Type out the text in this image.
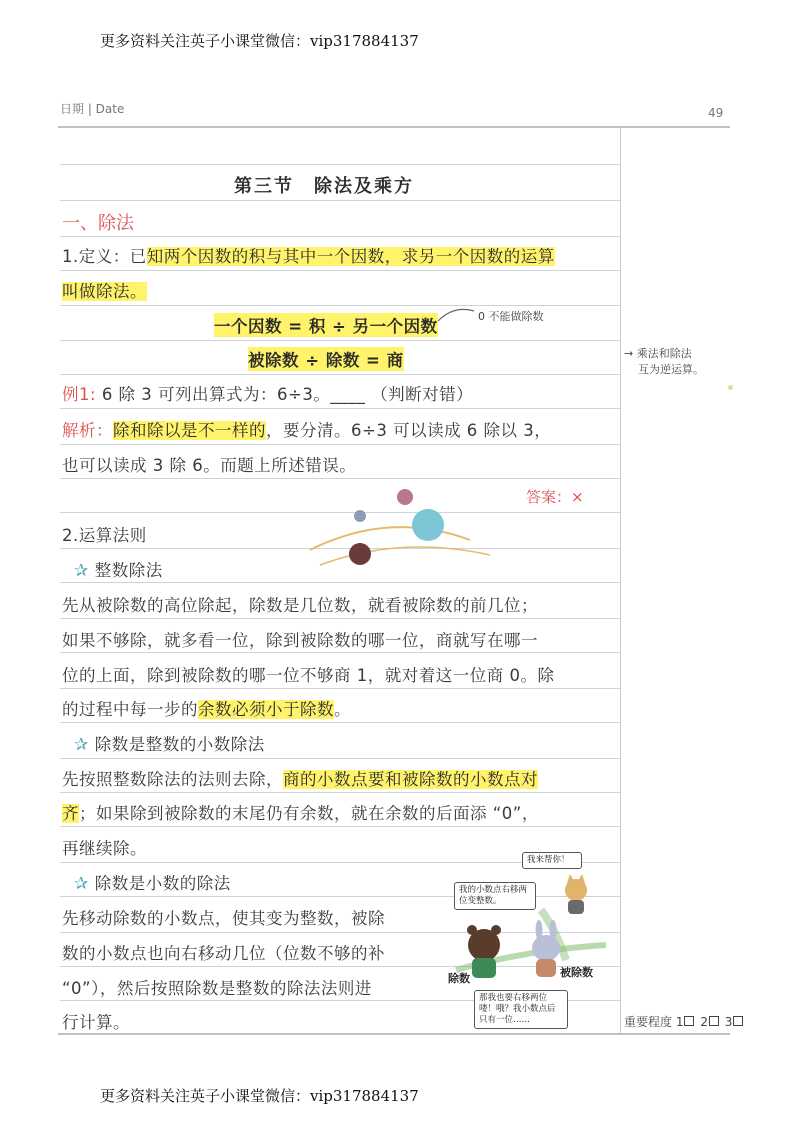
更多资料关注英子小课堂微信：vip317884137
更多资料关注英子小课堂微信：vip317884137
日期 | Date	49
第三节　除法及乘方
一、除法
1.定义：已知两个因数的积与其中一个因数，求另一个因数的运算
叫做除法。
一个因数 = 积 ÷ 另一个因数
0 不能做除数
被除数 ÷ 除数 = 商	→ 乘法和除法
互为逆运算。
例1: 6 除 3 可列出算式为：6÷3。____ （判断对错）
解析：除和除以是不一样的，要分清。6÷3 可以读成 6 除以 3，
也可以读成 3 除 6。而题上所述错误。
答案：×
2.运算法则
✰ 整数除法
先从被除数的高位除起，除数是几位数，就看被除数的前几位；
如果不够除，就多看一位，除到被除数的哪一位，商就写在哪一
位的上面，除到被除数的哪一位不够商 1，就对着这一位商 0。除
的过程中每一步的余数必须小于除数。
✰ 除数是整数的小数除法
先按照整数除法的法则去除，商的小数点要和被除数的小数点对
齐；如果除到被除数的末尾仍有余数，就在余数的后面添 “0”，
再继续除。
✰ 除数是小数的除法
先移动除数的小数点，使其变为整数，被除
数的小数点也向右移动几位（位数不够的补
“0”），然后按照除数是整数的除法法则进
行计算。
我来帮你！
我的小数点右移两位变整数。
那我也要右移两位喽！哦？我小数点后只有一位……
除数	被除数
重要程度 1 2 3
